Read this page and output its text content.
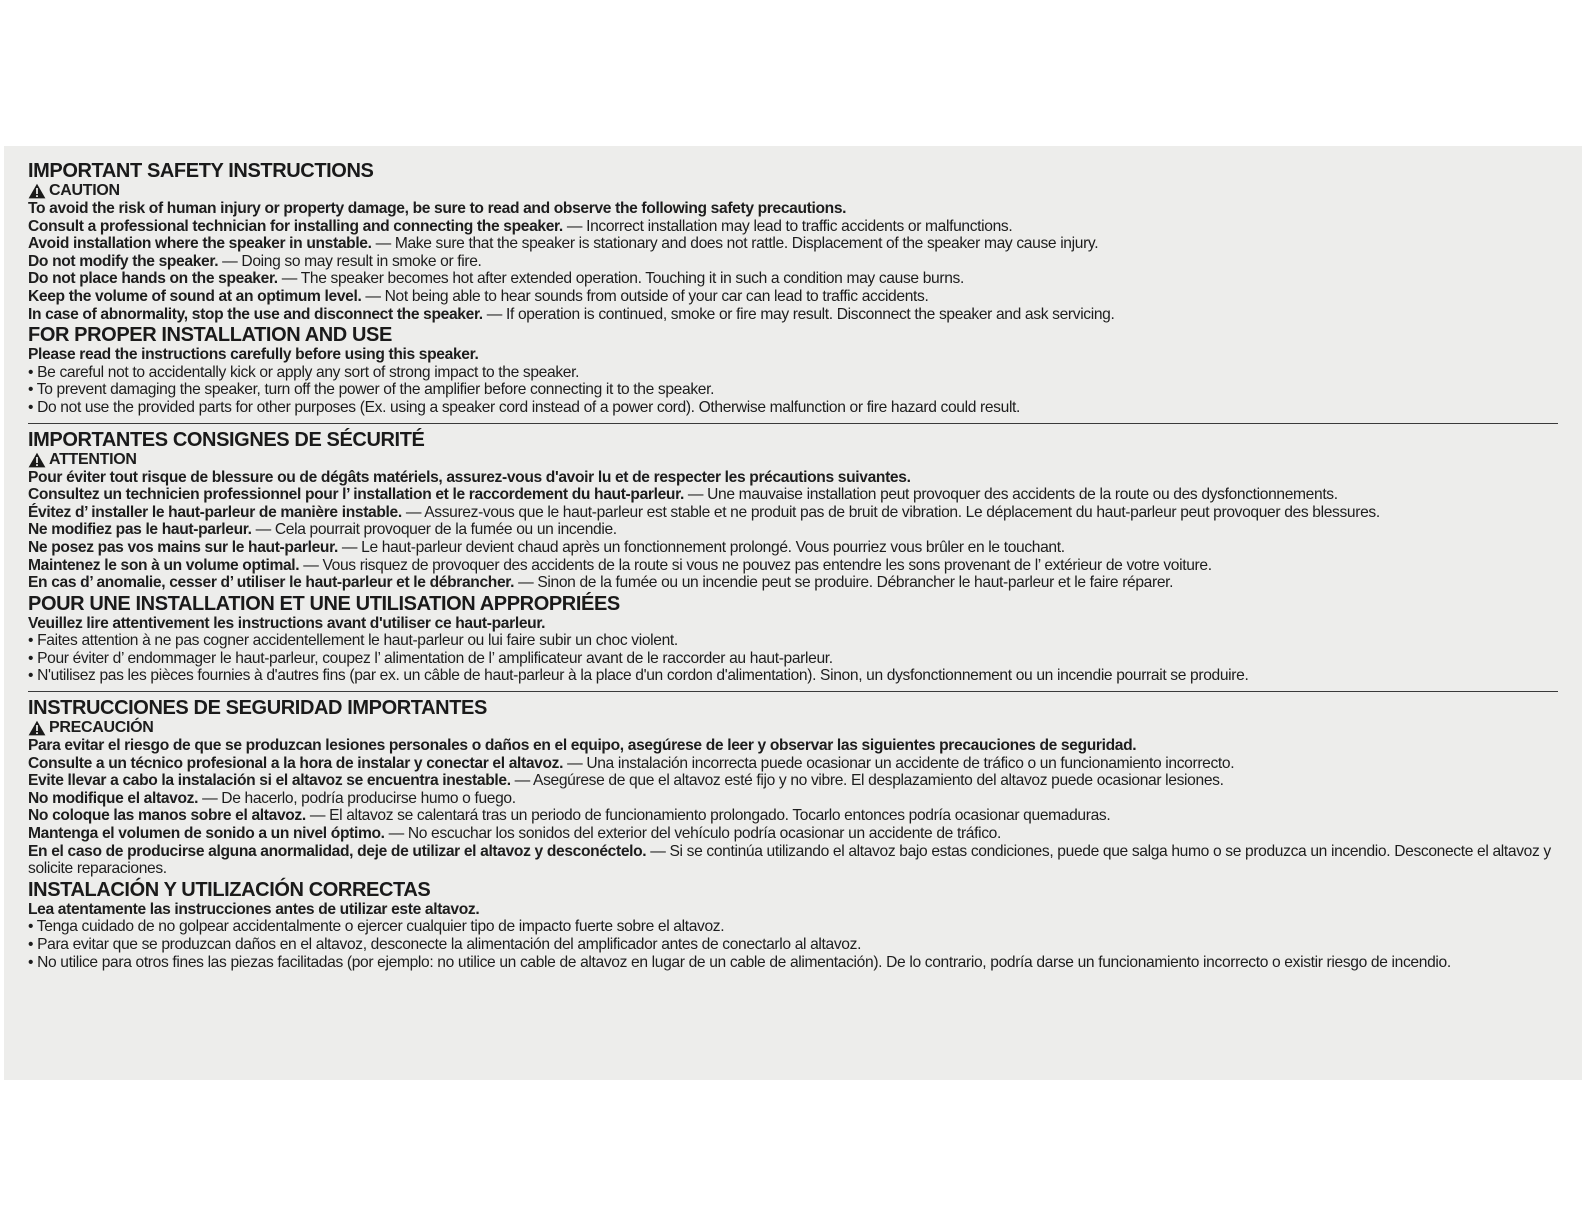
IMPORTANT SAFETY INSTRUCTIONS

CAUTION

To avoid the risk of human injury or property damage, be sure to read and observe the following safety precautions.

Consult a professional technician for installing and connecting the speaker. — Incorrect installation may lead to traffic accidents or malfunctions.

Avoid installation where the speaker in unstable. — Make sure that the speaker is stationary and does not rattle. Displacement of the speaker may cause injury.

Do not modify the speaker. — Doing so may result in smoke or fire.

Do not place hands on the speaker. — The speaker becomes hot after extended operation. Touching it in such a condition may cause burns.

Keep the volume of sound at an optimum level. — Not being able to hear sounds from outside of your car can lead to traffic accidents.

In case of abnormality, stop the use and disconnect the speaker. — If operation is continued, smoke or fire may result. Disconnect the speaker and ask servicing.

FOR PROPER INSTALLATION AND USE

Please read the instructions carefully before using this speaker.

• Be careful not to accidentally kick or apply any sort of strong impact to the speaker.

• To prevent damaging the speaker, turn off the power of the amplifier before connecting it to the speaker.

• Do not use the provided parts for other purposes (Ex. using a speaker cord instead of a power cord). Otherwise malfunction or fire hazard could result.

IMPORTANTES CONSIGNES DE SÉCURITÉ

ATTENTION

Pour éviter tout risque de blessure ou de dégâts matériels, assurez-vous d'avoir lu et de respecter les précautions suivantes.

Consultez un technicien professionnel pour l’ installation et le raccordement du haut-parleur. — Une mauvaise installation peut provoquer des accidents de la route ou des dysfonctionnements.

Évitez d’ installer le haut-parleur de manière instable. — Assurez-vous que le haut-parleur est stable et ne produit pas de bruit de vibration. Le déplacement du haut-parleur peut provoquer des blessures.

Ne modifiez pas le haut-parleur. — Cela pourrait provoquer de la fumée ou un incendie.

Ne posez pas vos mains sur le haut-parleur. — Le haut-parleur devient chaud après un fonctionnement prolongé. Vous pourriez vous brûler en le touchant.

Maintenez le son à un volume optimal. — Vous risquez de provoquer des accidents de la route si vous ne pouvez pas entendre les sons provenant de l’ extérieur de votre voiture.

En cas d’ anomalie, cesser d’ utiliser le haut-parleur et le débrancher. — Sinon de la fumée ou un incendie peut se produire. Débrancher le haut-parleur et le faire réparer.

POUR UNE INSTALLATION ET UNE UTILISATION APPROPRIÉES

Veuillez lire attentivement les instructions avant d'utiliser ce haut-parleur.

• Faites attention à ne pas cogner accidentellement le haut-parleur ou lui faire subir un choc violent.

• Pour éviter d’ endommager le haut-parleur, coupez l’ alimentation de l’ amplificateur avant de le raccorder au haut-parleur.

• N'utilisez pas les pièces fournies à d'autres fins (par ex. un câble de haut-parleur à la place d'un cordon d'alimentation). Sinon, un dysfonctionnement ou un incendie pourrait se produire.

INSTRUCCIONES DE SEGURIDAD IMPORTANTES

PRECAUCIÓN

Para evitar el riesgo de que se produzcan lesiones personales o daños en el equipo, asegúrese de leer y observar las siguientes precauciones de seguridad.

Consulte a un técnico profesional a la hora de instalar y conectar el altavoz. — Una instalación incorrecta puede ocasionar un accidente de tráfico o un funcionamiento incorrecto.

Evite llevar a cabo la instalación si el altavoz se encuentra inestable. — Asegúrese de que el altavoz esté fijo y no vibre. El desplazamiento del altavoz puede ocasionar lesiones.

No modifique el altavoz. — De hacerlo, podría producirse humo o fuego.

No coloque las manos sobre el altavoz. — El altavoz se calentará tras un periodo de funcionamiento prolongado. Tocarlo entonces podría ocasionar quemaduras.

Mantenga el volumen de sonido a un nivel óptimo. — No escuchar los sonidos del exterior del vehículo podría ocasionar un accidente de tráfico.

En el caso de producirse alguna anormalidad, deje de utilizar el altavoz y desconéctelo. — Si se continúa utilizando el altavoz bajo estas condiciones, puede que salga humo o se produzca un incendio. Desconecte el altavoz y solicite reparaciones.

INSTALACIÓN Y UTILIZACIÓN CORRECTAS

Lea atentamente las instrucciones antes de utilizar este altavoz.

• Tenga cuidado de no golpear accidentalmente o ejercer cualquier tipo de impacto fuerte sobre el altavoz.

• Para evitar que se produzcan daños en el altavoz, desconecte la alimentación del amplificador antes de conectarlo al altavoz.

• No utilice para otros fines las piezas facilitadas (por ejemplo: no utilice un cable de altavoz en lugar de un cable de alimentación). De lo contrario, podría darse un funcionamiento incorrecto o existir riesgo de incendio.
